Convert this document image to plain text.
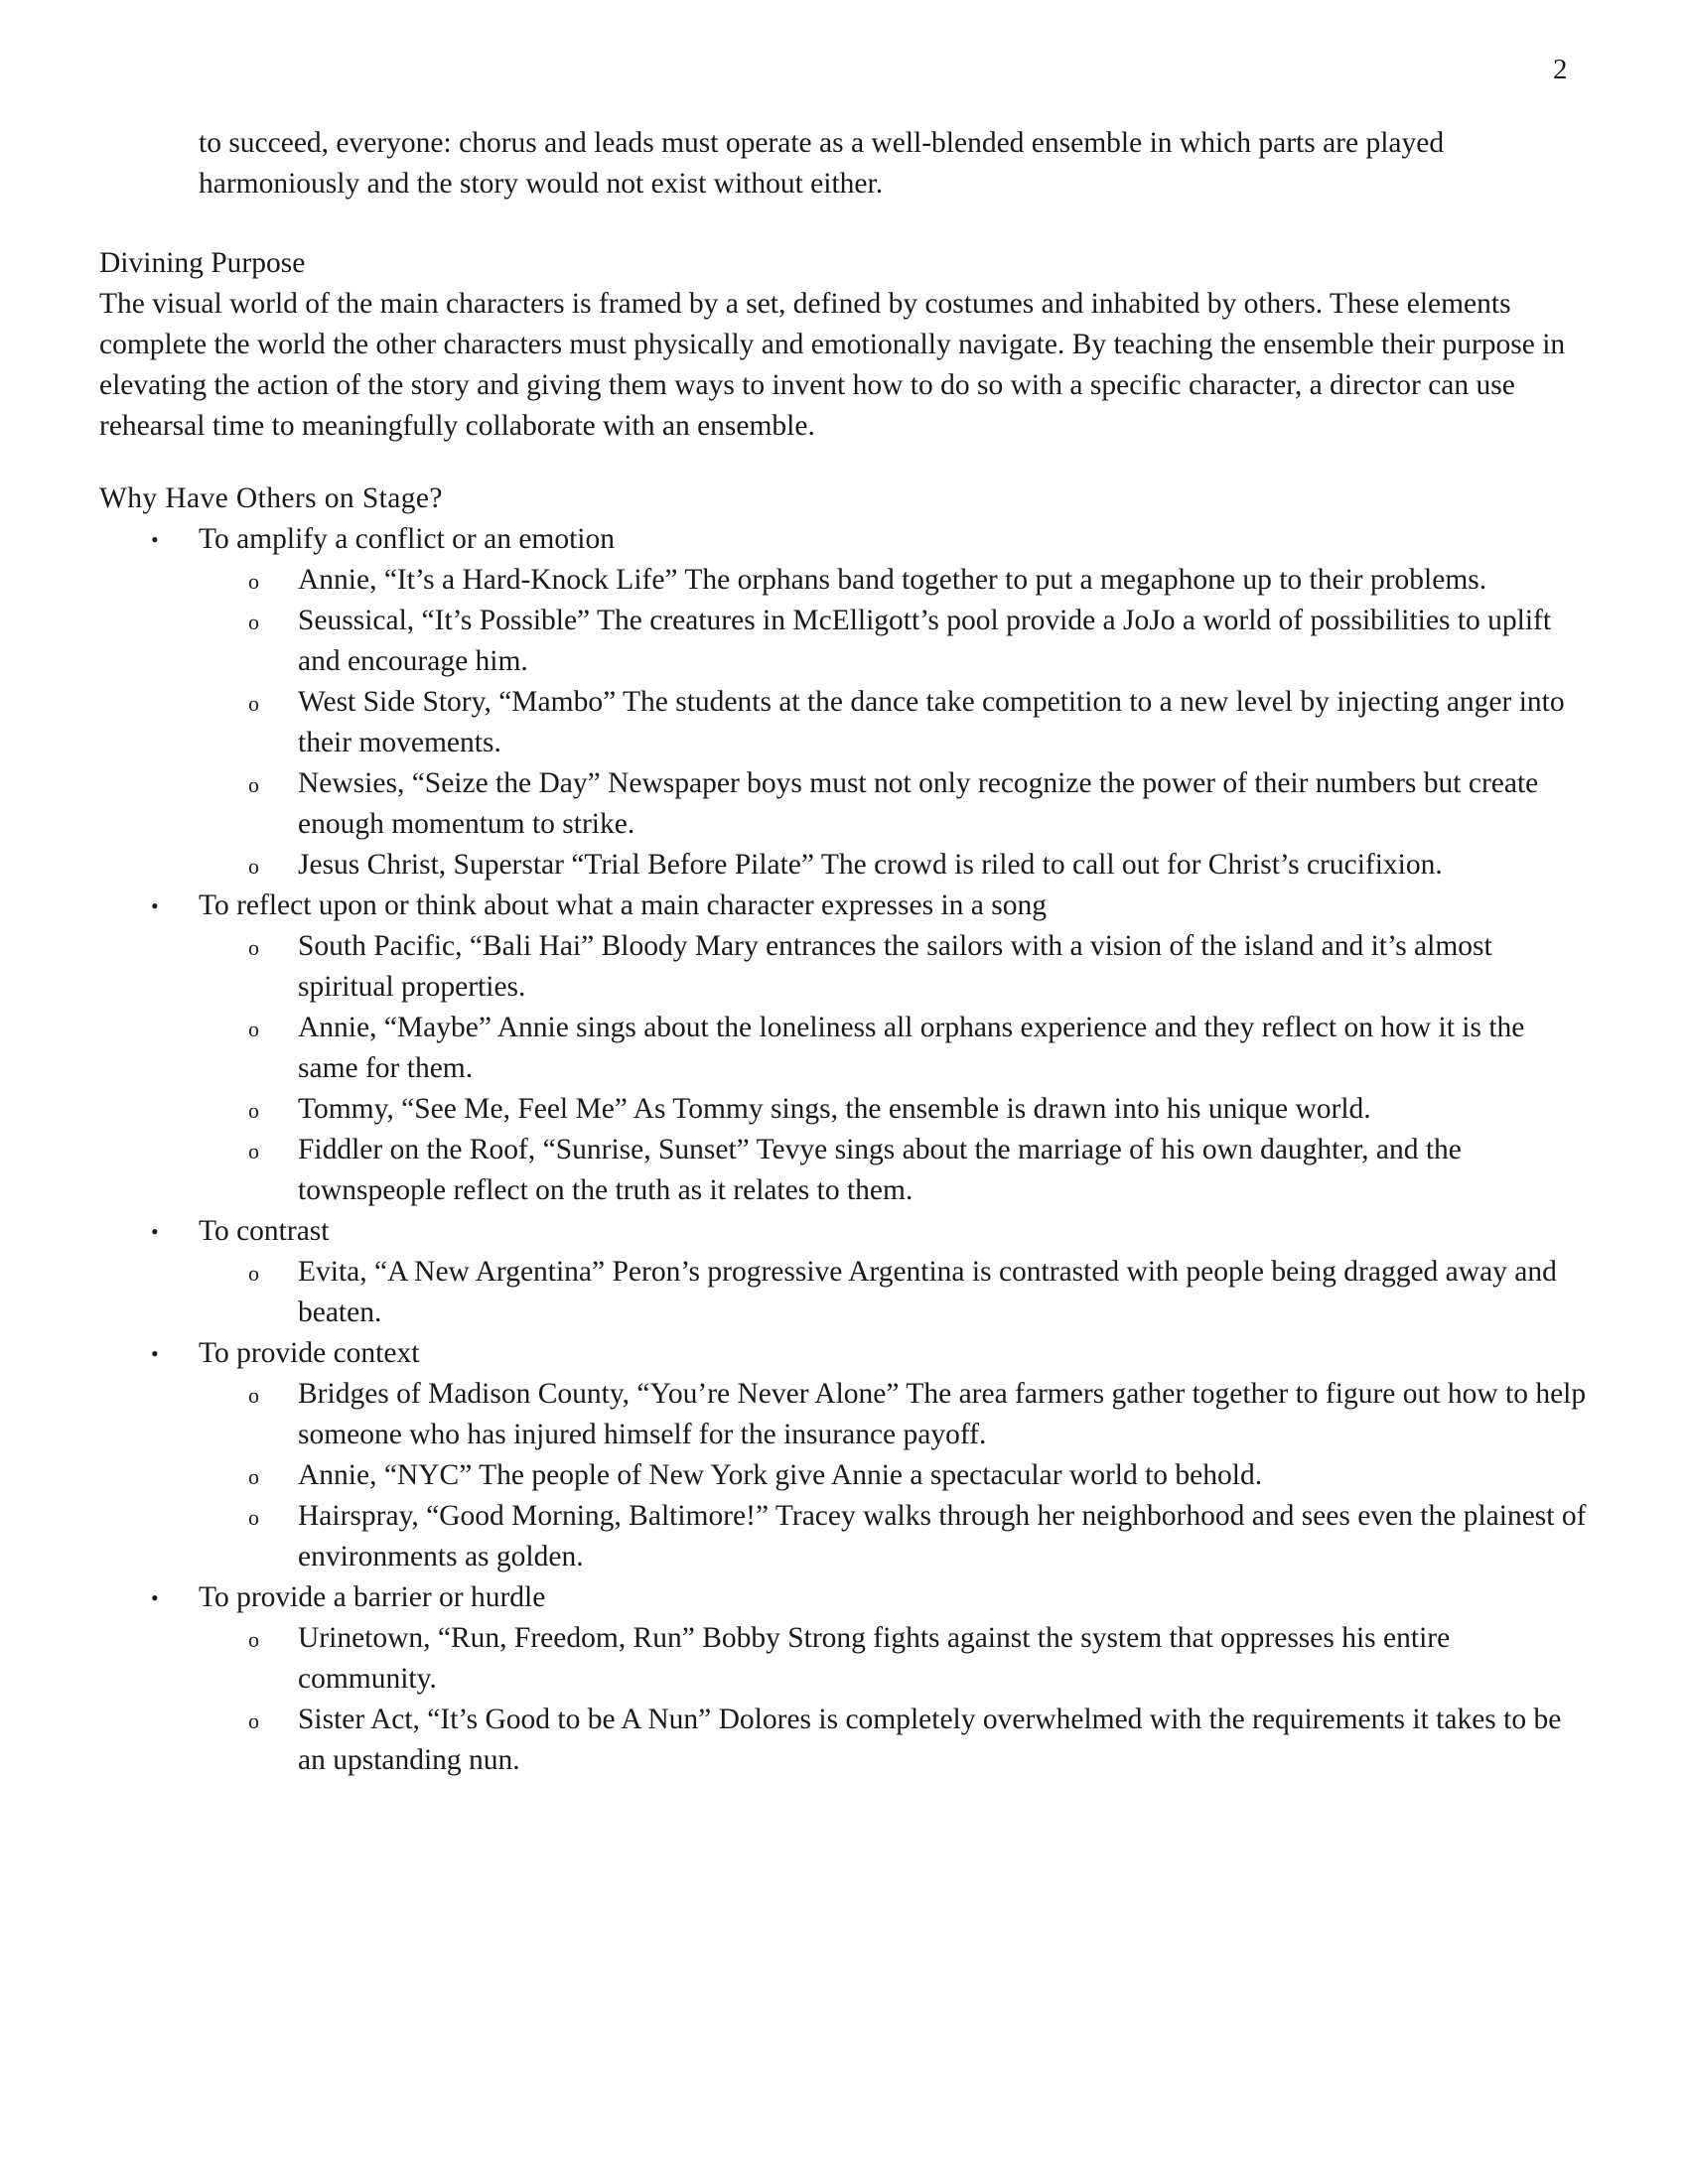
2

to succeed, everyone: chorus and leads must operate as a well-blended ensemble in which parts are played harmoniously and the story would not exist without either.

Divining Purpose

The visual world of the main characters is framed by a set, defined by costumes and inhabited by others. These elements complete the world the other characters must physically and emotionally navigate. By teaching the ensemble their purpose in elevating the action of the story and giving them ways to invent how to do so with a specific character, a director can use rehearsal time to meaningfully collaborate with an ensemble.

Why Have Others on Stage?

• To amplify a conflict or an emotion
o Annie, “It’s a Hard-Knock Life” The orphans band together to put a megaphone up to their problems.
o Seussical, “It’s Possible” The creatures in McElligott’s pool provide a JoJo a world of possibilities to uplift and encourage him.
o West Side Story, “Mambo” The students at the dance take competition to a new level by injecting anger into their movements.
o Newsies, “Seize the Day” Newspaper boys must not only recognize the power of their numbers but create enough momentum to strike.
o Jesus Christ, Superstar “Trial Before Pilate” The crowd is riled to call out for Christ’s crucifixion.
• To reflect upon or think about what a main character expresses in a song
o South Pacific, “Bali Hai” Bloody Mary entrances the sailors with a vision of the island and it’s almost spiritual properties.
o Annie, “Maybe” Annie sings about the loneliness all orphans experience and they reflect on how it is the same for them.
o Tommy, “See Me, Feel Me” As Tommy sings, the ensemble is drawn into his unique world.
o Fiddler on the Roof, “Sunrise, Sunset” Tevye sings about the marriage of his own daughter, and the townspeople reflect on the truth as it relates to them.
• To contrast
o Evita, “A New Argentina” Peron’s progressive Argentina is contrasted with people being dragged away and beaten.
• To provide context
o Bridges of Madison County, “You’re Never Alone” The area farmers gather together to figure out how to help someone who has injured himself for the insurance payoff.
o Annie, “NYC” The people of New York give Annie a spectacular world to behold.
o Hairspray, “Good Morning, Baltimore!” Tracey walks through her neighborhood and sees even the plainest of environments as golden.
• To provide a barrier or hurdle
o Urinetown, “Run, Freedom, Run” Bobby Strong fights against the system that oppresses his entire community.
o Sister Act, “It’s Good to be A Nun” Dolores is completely overwhelmed with the requirements it takes to be an upstanding nun.
